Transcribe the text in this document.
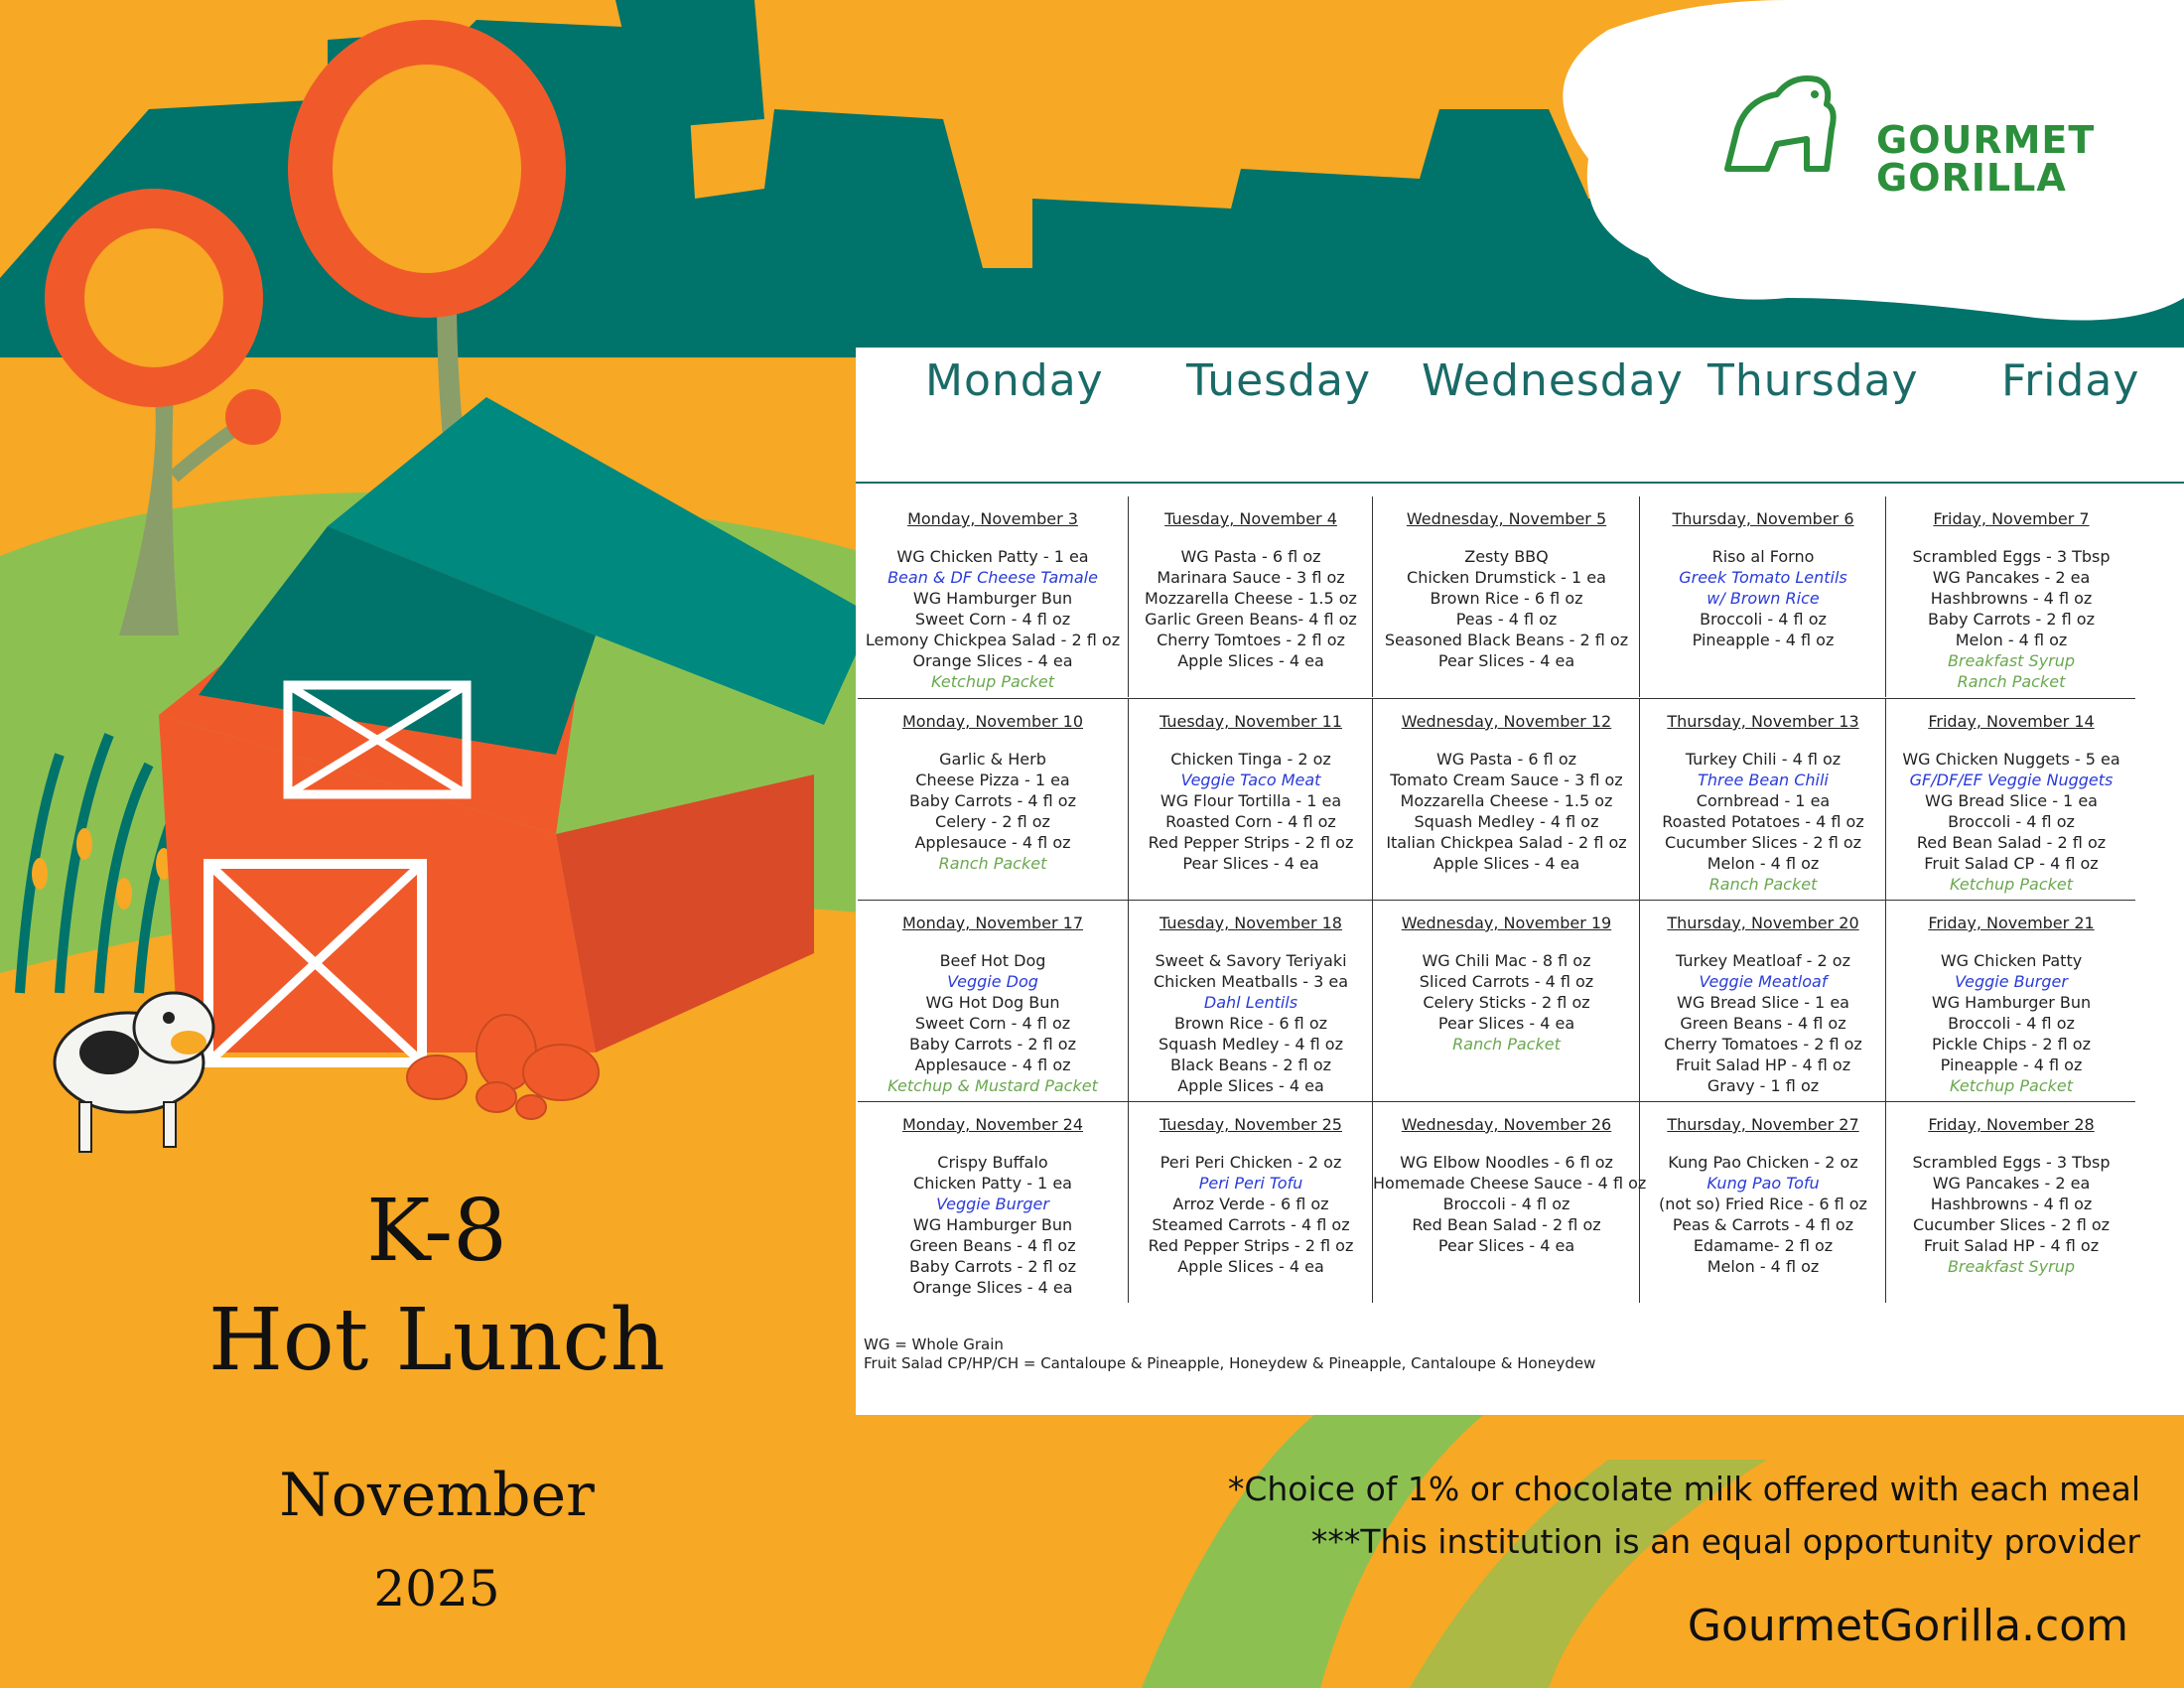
GOURMET
GORILLA
Monday Tuesday Wednesday Thursday Friday
Monday, November 3
WG Chicken Patty - 1 ea
Bean & DF Cheese Tamale
WG Hamburger Bun
Sweet Corn - 4 fl oz
Lemony Chickpea Salad - 2 fl oz
Orange Slices - 4 ea
Ketchup Packet
Tuesday, November 4
WG Pasta - 6 fl oz
Marinara Sauce - 3 fl oz
Mozzarella Cheese - 1.5 oz
Garlic Green Beans- 4 fl oz
Cherry Tomtoes - 2 fl oz
Apple Slices - 4 ea
Wednesday, November 5
Zesty BBQ
Chicken Drumstick - 1 ea
Brown Rice - 6 fl oz
Peas - 4 fl oz
Seasoned Black Beans - 2 fl oz
Pear Slices - 4 ea
Thursday, November 6
Riso al Forno
Greek Tomato Lentils
w/ Brown Rice
Broccoli - 4 fl oz
Pineapple - 4 fl oz
Friday, November 7
Scrambled Eggs - 3 Tbsp
WG Pancakes - 2 ea
Hashbrowns - 4 fl oz
Baby Carrots - 2 fl oz
Melon - 4 fl oz
Breakfast Syrup
Ranch Packet
Monday, November 10
Garlic & Herb
Cheese Pizza - 1 ea
Baby Carrots - 4 fl oz
Celery - 2 fl oz
Applesauce - 4 fl oz
Ranch Packet
Tuesday, November 11
Chicken Tinga - 2 oz
Veggie Taco Meat
WG Flour Tortilla - 1 ea
Roasted Corn - 4 fl oz
Red Pepper Strips - 2 fl oz
Pear Slices - 4 ea
Wednesday, November 12
WG Pasta - 6 fl oz
Tomato Cream Sauce - 3 fl oz
Mozzarella Cheese - 1.5 oz
Squash Medley - 4 fl oz
Italian Chickpea Salad - 2 fl oz
Apple Slices - 4 ea
Thursday, November 13
Turkey Chili - 4 fl oz
Three Bean Chili
Cornbread - 1 ea
Roasted Potatoes - 4 fl oz
Cucumber Slices - 2 fl oz
Melon - 4 fl oz
Ranch Packet
Friday, November 14
WG Chicken Nuggets - 5 ea
GF/DF/EF Veggie Nuggets
WG Bread Slice - 1 ea
Broccoli - 4 fl oz
Red Bean Salad - 2 fl oz
Fruit Salad CP - 4 fl oz
Ketchup Packet
Monday, November 17
Beef Hot Dog
Veggie Dog
WG Hot Dog Bun
Sweet Corn - 4 fl oz
Baby Carrots - 2 fl oz
Applesauce - 4 fl oz
Ketchup & Mustard Packet
Tuesday, November 18
Sweet & Savory Teriyaki
Chicken Meatballs - 3 ea
Dahl Lentils
Brown Rice - 6 fl oz
Squash Medley - 4 fl oz
Black Beans - 2 fl oz
Apple Slices - 4 ea
Wednesday, November 19
WG Chili Mac - 8 fl oz
Sliced Carrots - 4 fl oz
Celery Sticks - 2 fl oz
Pear Slices - 4 ea
Ranch Packet
Thursday, November 20
Turkey Meatloaf - 2 oz
Veggie Meatloaf
WG Bread Slice - 1 ea
Green Beans - 4 fl oz
Cherry Tomatoes - 2 fl oz
Fruit Salad HP - 4 fl oz
Gravy - 1 fl oz
Friday, November 21
WG Chicken Patty
Veggie Burger
WG Hamburger Bun
Broccoli - 4 fl oz
Pickle Chips - 2 fl oz
Pineapple - 4 fl oz
Ketchup Packet
Monday, November 24
Crispy Buffalo
Chicken Patty - 1 ea
Veggie Burger
WG Hamburger Bun
Green Beans - 4 fl oz
Baby Carrots - 2 fl oz
Orange Slices - 4 ea
Tuesday, November 25
Peri Peri Chicken - 2 oz
Peri Peri Tofu
Arroz Verde - 6 fl oz
Steamed Carrots - 4 fl oz
Red Pepper Strips - 2 fl oz
Apple Slices - 4 ea
Wednesday, November 26
WG Elbow Noodles - 6 fl oz
Homemade Cheese Sauce - 4 fl oz
Broccoli - 4 fl oz
Red Bean Salad - 2 fl oz
Pear Slices - 4 ea
Thursday, November 27
Kung Pao Chicken - 2 oz
Kung Pao Tofu
(not so) Fried Rice - 6 fl oz
Peas & Carrots - 4 fl oz
Edamame- 2 fl oz
Melon - 4 fl oz
Friday, November 28
Scrambled Eggs - 3 Tbsp
WG Pancakes - 2 ea
Hashbrowns - 4 fl oz
Cucumber Slices - 2 fl oz
Fruit Salad HP - 4 fl oz
Breakfast Syrup
WG = Whole Grain
Fruit Salad CP/HP/CH = Cantaloupe & Pineapple, Honeydew & Pineapple, Cantaloupe & Honeydew
K-8
Hot Lunch
November
2025
*Choice of 1% or chocolate milk offered with each meal
***This institution is an equal opportunity provider
GourmetGorilla.com
